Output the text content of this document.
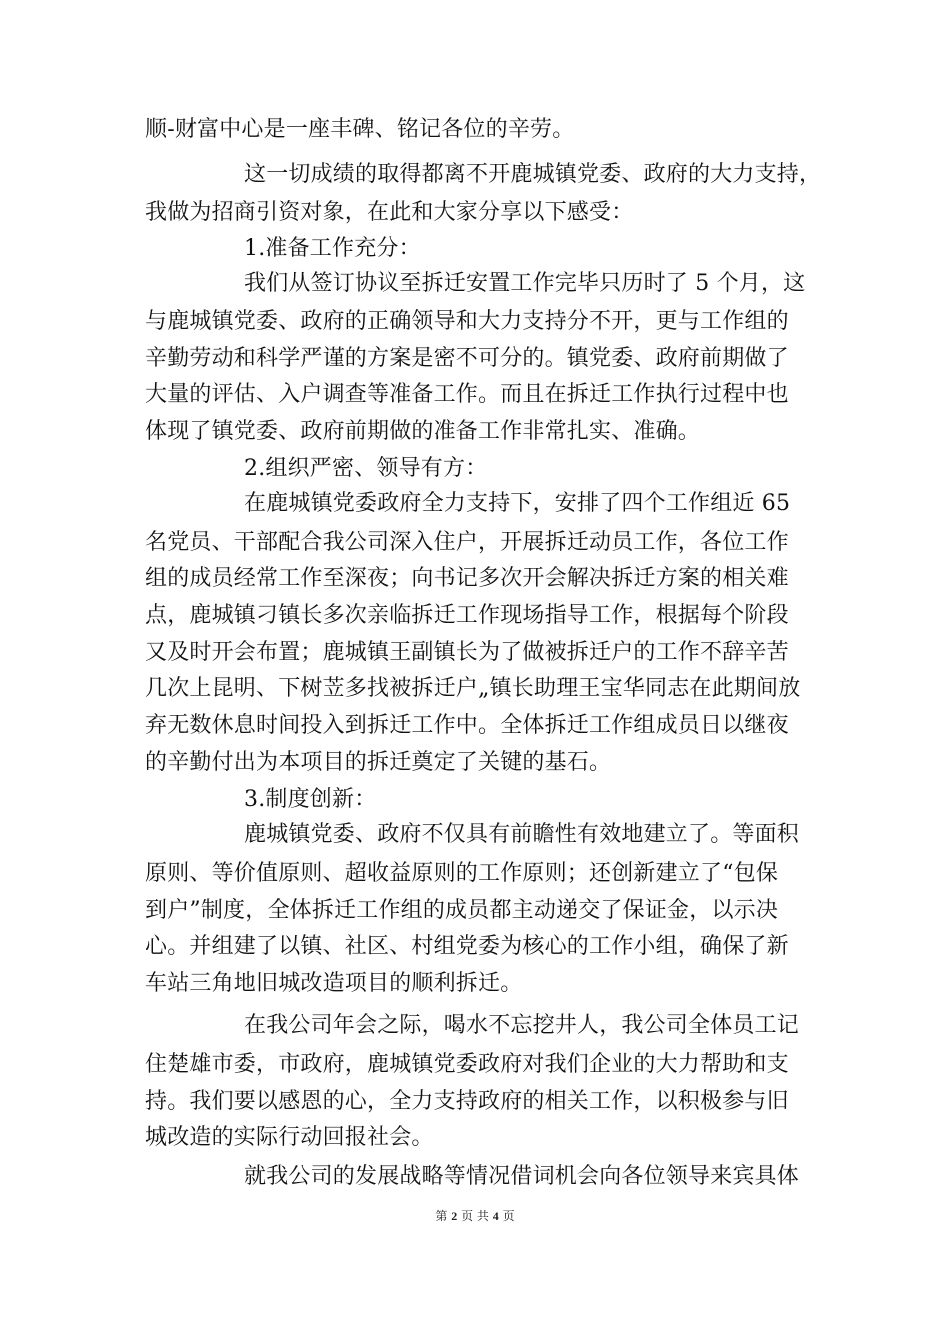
顺-财富中心是一座丰碑、铭记各位的辛劳。
这一切成绩的取得都离不开鹿城镇党委、政府的大力支持，
我做为招商引资对象，在此和大家分享以下感受：
1.准备工作充分：
我们从签订协议至拆迁安置工作完毕只历时了 5 个月，这
与鹿城镇党委、政府的正确领导和大力支持分不开，更与工作组的
辛勤劳动和科学严谨的方案是密不可分的。镇党委、政府前期做了
大量的评估、入户调查等准备工作。而且在拆迁工作执行过程中也
体现了镇党委、政府前期做的准备工作非常扎实、准确。
2.组织严密、领导有方：
在鹿城镇党委政府全力支持下，安排了四个工作组近 65
名党员、干部配合我公司深入住户，开展拆迁动员工作，各位工作
组的成员经常工作至深夜；向书记多次开会解决拆迁方案的相关难
点，鹿城镇刁镇长多次亲临拆迁工作现场指导工作，根据每个阶段
又及时开会布置；鹿城镇王副镇长为了做被拆迁户的工作不辞辛苦
几次上昆明、下树苙多找被拆迁户„镇长助理王宝华同志在此期间放
弃无数休息时间投入到拆迁工作中。全体拆迁工作组成员日以继夜
的辛勤付出为本项目的拆迁奠定了关键的基石。
3.制度创新：
鹿城镇党委、政府不仅具有前瞻性有效地建立了。等面积
原则、等价值原则、超收益原则的工作原则；还创新建立了“包保
到户”制度，全体拆迁工作组的成员都主动递交了保证金，以示决
心。并组建了以镇、社区、村组党委为核心的工作小组，确保了新
车站三角地旧城改造项目的顺利拆迁。
在我公司年会之际，喝水不忘挖井人，我公司全体员工记
住楚雄市委，市政府，鹿城镇党委政府对我们企业的大力帮助和支
持。我们要以感恩的心，全力支持政府的相关工作，以积极参与旧
城改造的实际行动回报社会。
就我公司的发展战略等情况借词机会向各位领导来宾具体
第 2 页 共 4 页
